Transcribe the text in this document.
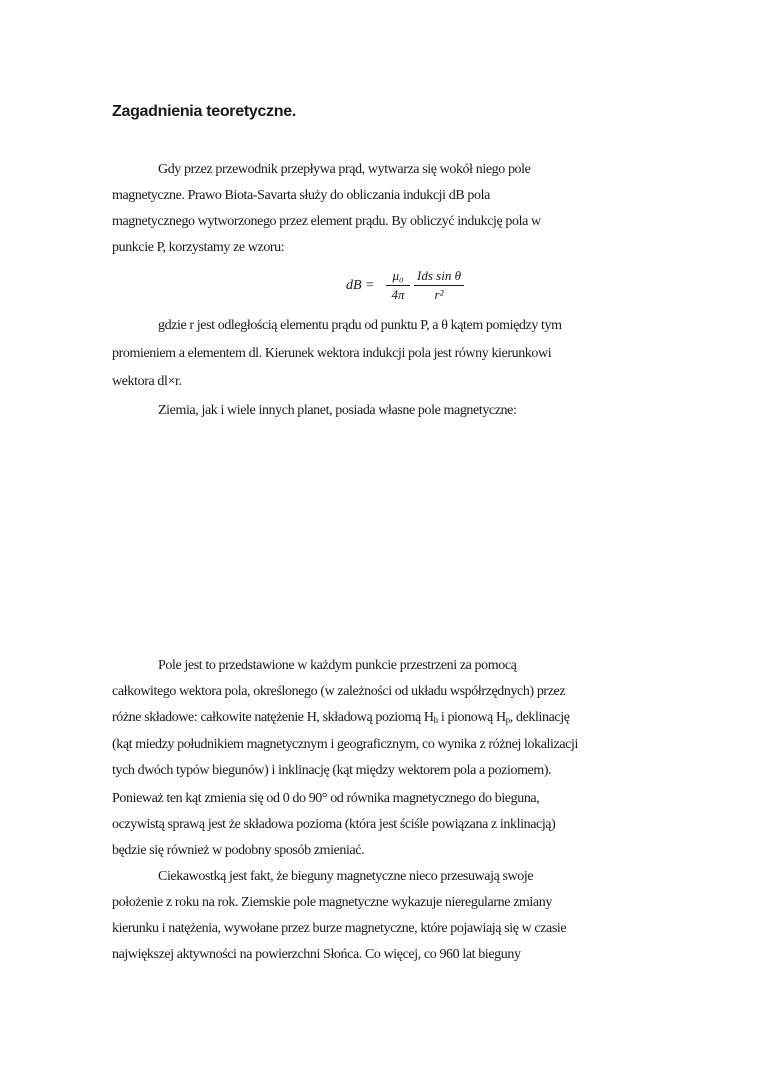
Zagadnienia teoretyczne.
Gdy przez przewodnik przepływa prąd, wytwarza się wokół niego pole
magnetyczne. Prawo Biota-Savarta służy do obliczania indukcji dB pola
magnetycznego wytworzonego przez element prądu. By obliczyć indukcję pola w
punkcie P, korzystamy ze wzoru:
dB =
μ₀
4π
Ids sin θ
r²
gdzie r jest odległością elementu prądu od punktu P, a θ kątem pomiędzy tym
promieniem a elementem dl. Kierunek wektora indukcji pola jest równy kierunkowi
wektora dl×r.
Ziemia, jak i wiele innych planet, posiada własne pole magnetyczne:
Pole jest to przedstawione w każdym punkcie przestrzeni za pomocą
całkowitego wektora pola, określonego (w zależności od układu współrzędnych) przez
różne składowe: całkowite natężenie H, składową poziomą $H_h$ i pionową $H_p$, deklinację
(kąt miedzy południkiem magnetycznym i geograficznym, co wynika z różnej lokalizacji
tych dwóch typów biegunów) i inklinację (kąt między wektorem pola a poziomem).
Ponieważ ten kąt zmienia się od 0 do 90° od równika magnetycznego do bieguna,
oczywistą sprawą jest że składowa pozioma (która jest ściśle powiązana z inklinacją)
będzie się również w podobny sposób zmieniać.
Ciekawostką jest fakt, że bieguny magnetyczne nieco przesuwają swoje
położenie z roku na rok. Ziemskie pole magnetyczne wykazuje nieregularne zmiany
kierunku i natężenia, wywołane przez burze magnetyczne, które pojawiają się w czasie
największej aktywności na powierzchni Słońca. Co więcej, co 960 lat bieguny
